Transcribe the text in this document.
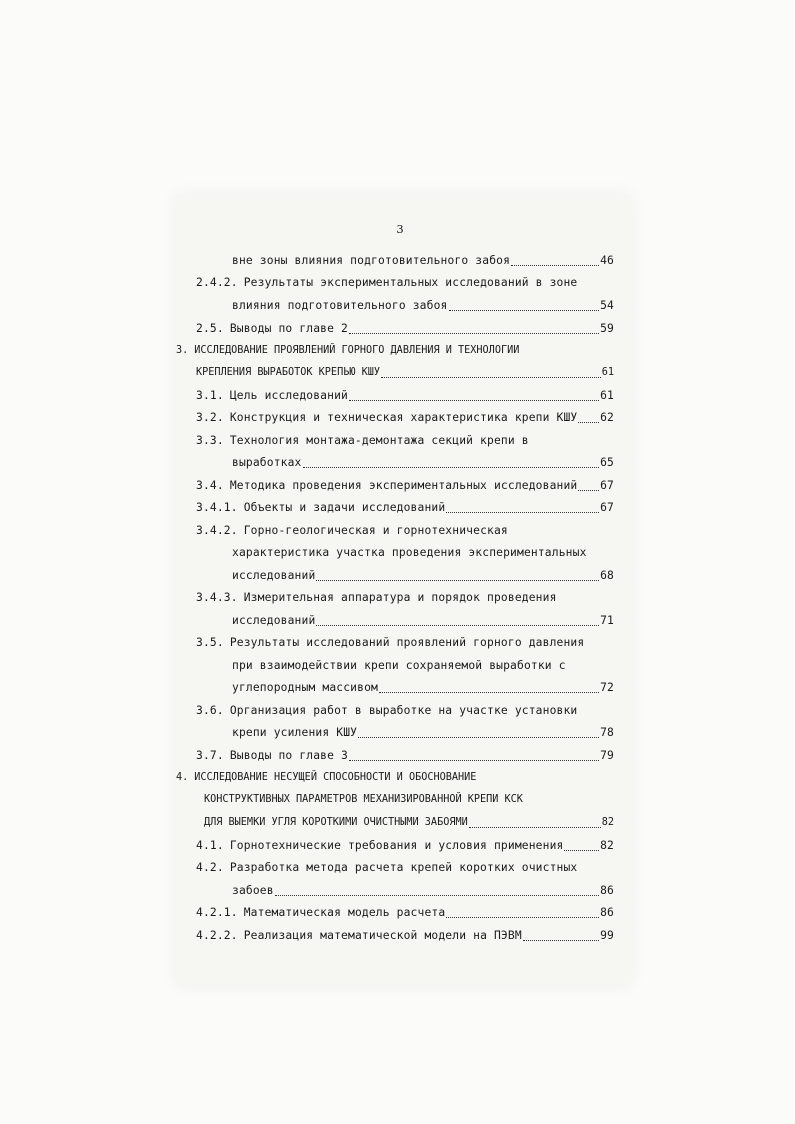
3
вне зоны влияния подготовительного забоя	46
2.4.2. Результаты экспериментальных исследований в зоне
влияния подготовительного забоя	54
2.5. Выводы по главе 2	59
3. ИССЛЕДОВАНИЕ ПРОЯВЛЕНИЙ ГОРНОГО ДАВЛЕНИЯ И ТЕХНОЛОГИИ
КРЕПЛЕНИЯ ВЫРАБОТОК КРЕПЬЮ КШУ	61
3.1. Цель исследований	61
3.2. Конструкция и техническая характеристика крепи КШУ 62
3.3. Технология монтажа-демонтажа секций крепи в
выработках	65
3.4. Методика проведения экспериментальных исследований 67
3.4.1. Объекты и задачи исследований	67
3.4.2. Горно-геологическая и горнотехническая
характеристика участка проведения экспериментальных
исследований	68
3.4.3. Измерительная аппаратура и порядок проведения
исследований	71
3.5. Результаты исследований проявлений горного давления
при взаимодействии крепи сохраняемой выработки с
углепородным массивом	72
3.6. Организация работ в выработке на участке установки
крепи усиления КШУ	78
3.7. Выводы по главе 3	79
4. ИССЛЕДОВАНИЕ НЕСУЩЕЙ СПОСОБНОСТИ И ОБОСНОВАНИЕ
КОНСТРУКТИВНЫХ ПАРАМЕТРОВ МЕХАНИЗИРОВАННОЙ КРЕПИ КСК
ДЛЯ ВЫЕМКИ УГЛЯ КОРОТКИМИ ОЧИСТНЫМИ ЗАБОЯМИ	82
4.1. Горнотехнические требования и условия применения	82
4.2. Разработка метода расчета крепей коротких очистных
забоев	86
4.2.1. Математическая модель расчета	86
4.2.2. Реализация математической модели на ПЭВМ	99
